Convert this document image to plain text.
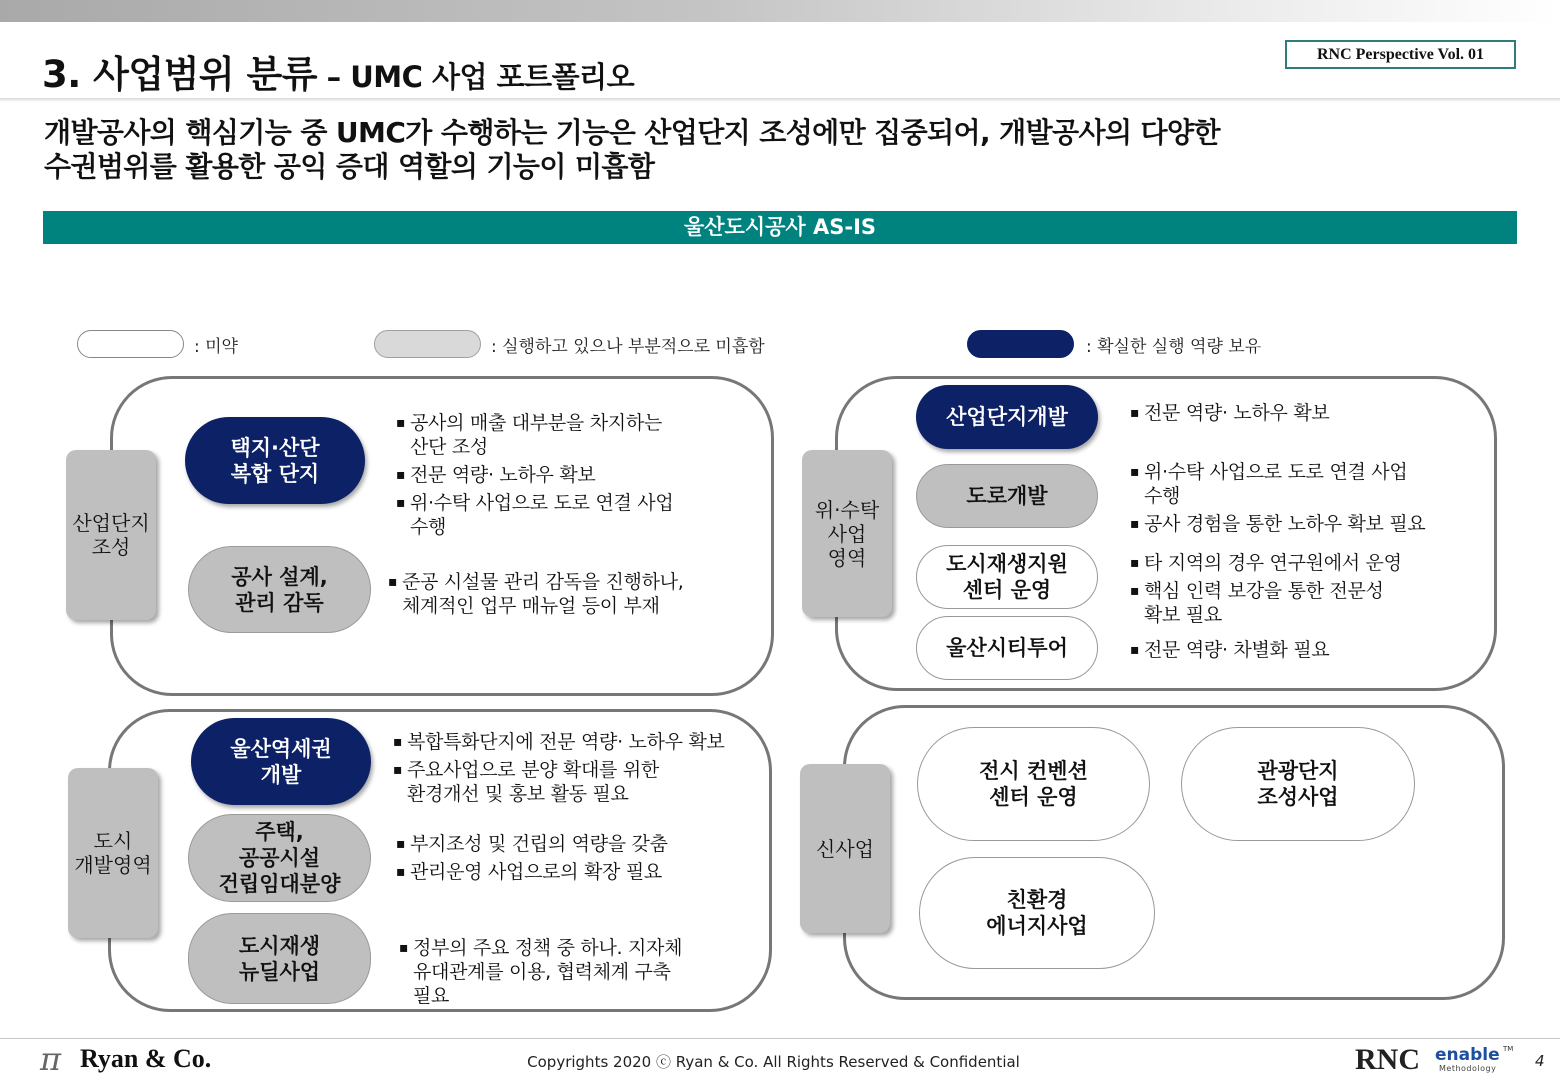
3. 사업범위 분류 – UMC 사업 포트폴리오
RNC Perspective Vol. 01
개발공사의 핵심기능 중 UMC가 수행하는 기능은 산업단지 조성에만 집중되어, 개발공사의 다양한
수권범위를 활용한 공익 증대 역할의 기능이 미흡함
울산도시공사 AS-IS
: 미약	: 실행하고 있으나 부분적으로 미흡함	: 확실한 실행 역량 보유
산업단지
조성
택지·산단
복합 단지
▪ 공사의 매출 대부분을 차지하는
산단 조성
▪ 전문 역량· 노하우 확보
▪ 위·수탁 사업으로 도로 연결 사업
수행
공사 설계,
관리 감독
▪ 준공 시설물 관리 감독을 진행하나,
체계적인 업무 매뉴얼 등이 부재
위·수탁
사업
영역
산업단지개발	▪ 전문 역량· 노하우 확보
도로개발
▪ 위·수탁 사업으로 도로 연결 사업
수행
▪ 공사 경험을 통한 노하우 확보 필요
도시재생지원
센터 운영
▪ 타 지역의 경우 연구원에서 운영
▪ 핵심 인력 보강을 통한 전문성
확보 필요
울산시티투어	▪ 전문 역량· 차별화 필요
도시
개발영역
울산역세권
개발
▪ 복합특화단지에 전문 역량· 노하우 확보
▪ 주요사업으로 분양 확대를 위한
환경개선 및 홍보 활동 필요
주택,
공공시설
건립임대분양
▪ 부지조성 및 건립의 역량을 갖춤
▪ 관리운영 사업으로의 확장 필요
도시재생
뉴딜사업
▪ 정부의 주요 정책 중 하나. 지자체
유대관계를 이용, 협력체계 구축
필요
신사업
전시 컨벤션
센터 운영
관광단지
조성사업
친환경
에너지사업
π Ryan & Co.	Copyrights 2020 ⓒ Ryan & Co. All Rights Reserved & Confidential	RNC enable TM
Methodology	4
